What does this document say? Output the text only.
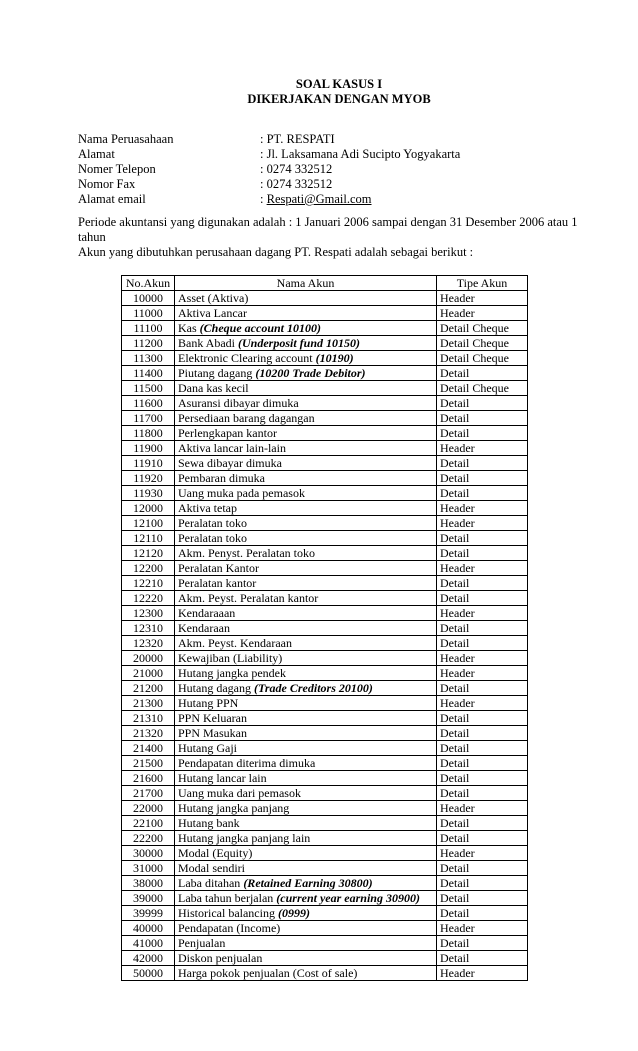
SOAL KASUS I
DIKERJAKAN DENGAN MYOB
Nama Peruasahaan	: PT. RESPATI
Alamat	: Jl. Laksamana Adi Sucipto Yogyakarta
Nomer Telepon	: 0274 332512
Nomor Fax	: 0274 332512
Alamat email	: Respati@Gmail.com
Periode akuntansi yang digunakan adalah : 1 Januari 2006 sampai dengan 31 Desember 2006 atau 1 tahun
Akun yang dibutuhkan perusahaan dagang PT. Respati adalah sebagai berikut :
No.Akun	Nama Akun	Tipe Akun
10000	Asset (Aktiva)	Header
11000	Aktiva Lancar	Header
11100	Kas (Cheque account 10100)	Detail Cheque
11200	Bank Abadi (Underposit fund 10150)	Detail Cheque
11300	Elektronic Clearing account (10190)	Detail Cheque
11400	Piutang dagang (10200 Trade Debitor)	Detail
11500	Dana kas kecil	Detail Cheque
11600	Asuransi dibayar dimuka	Detail
11700	Persediaan barang dagangan	Detail
11800	Perlengkapan kantor	Detail
11900	Aktiva lancar lain-lain	Header
11910	Sewa dibayar dimuka	Detail
11920	Pembaran dimuka	Detail
11930	Uang muka pada pemasok	Detail
12000	Aktiva tetap	Header
12100	Peralatan toko	Header
12110	Peralatan toko	Detail
12120	Akm. Penyst. Peralatan toko	Detail
12200	Peralatan Kantor	Header
12210	Peralatan kantor	Detail
12220	Akm. Peyst. Peralatan kantor	Detail
12300	Kendaraaan	Header
12310	Kendaraan	Detail
12320	Akm. Peyst. Kendaraan	Detail
20000	Kewajiban (Liability)	Header
21000	Hutang jangka pendek	Header
21200	Hutang dagang (Trade Creditors 20100)	Detail
21300	Hutang PPN	Header
21310	PPN Keluaran	Detail
21320	PPN Masukan	Detail
21400	Hutang Gaji	Detail
21500	Pendapatan diterima dimuka	Detail
21600	Hutang lancar lain	Detail
21700	Uang muka dari pemasok	Detail
22000	Hutang jangka panjang	Header
22100	Hutang bank	Detail
22200	Hutang jangka panjang lain	Detail
30000	Modal (Equity)	Header
31000	Modal sendiri	Detail
38000	Laba ditahan (Retained Earning 30800)	Detail
39000	Laba tahun berjalan (current year earning 30900)	Detail
39999	Historical balancing (0999)	Detail
40000	Pendapatan (Income)	Header
41000	Penjualan	Detail
42000	Diskon penjualan	Detail
50000	Harga pokok penjualan (Cost of sale)	Header
